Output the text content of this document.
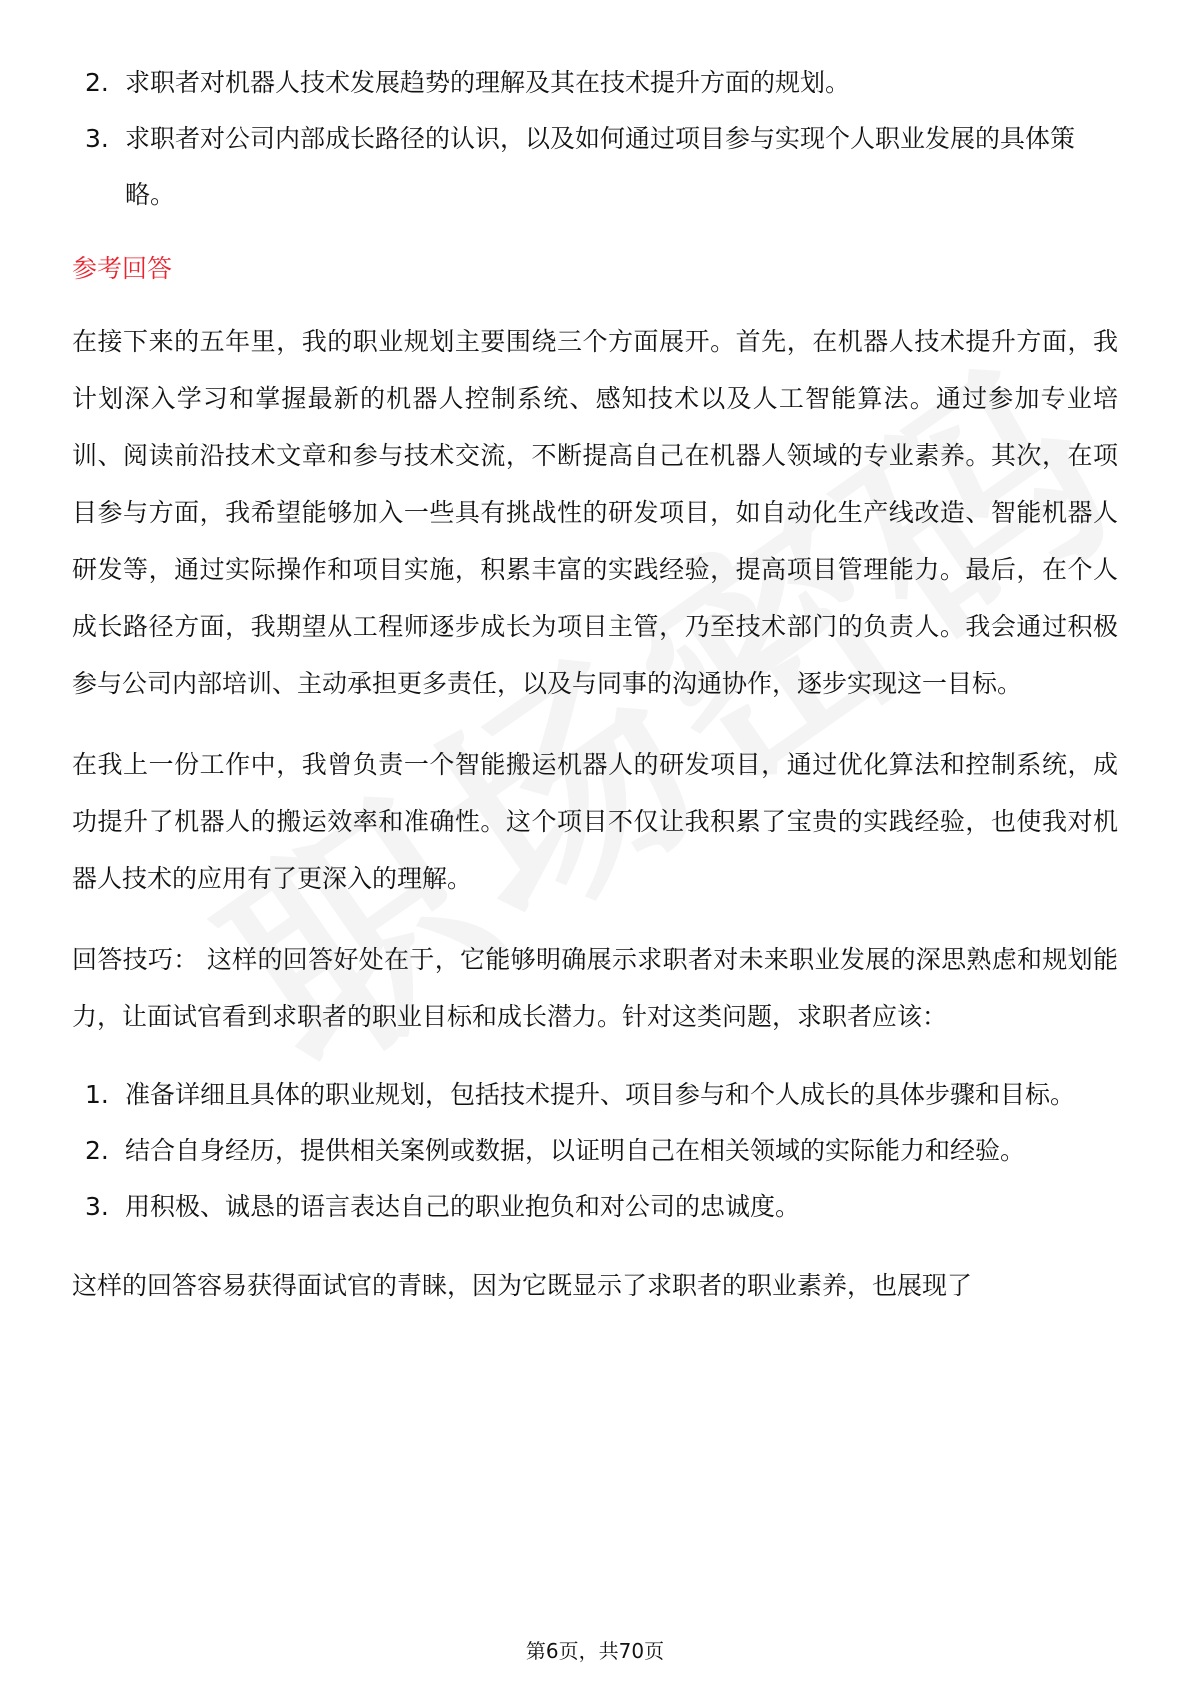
2. 求职者对机器人技术发展趋势的理解及其在技术提升方面的规划。
3. 求职者对公司内部成长路径的认识，以及如何通过项目参与实现个人职业发展的具体策略。
参考回答

在接下来的五年里，我的职业规划主要围绕三个方面展开。首先，在机器人技术提升方面，我计划深入学习和掌握最新的机器人控制系统、感知技术以及人工智能算法。通过参加专业培训、阅读前沿技术文章和参与技术交流，不断提高自己在机器人领域的专业素养。其次，在项目参与方面，我希望能够加入一些具有挑战性的研发项目，如自动化生产线改造、智能机器人研发等，通过实际操作和项目实施，积累丰富的实践经验，提高项目管理能力。最后，在个人成长路径方面，我期望从工程师逐步成长为项目主管，乃至技术部门的负责人。我会通过积极参与公司内部培训、主动承担更多责任，以及与同事的沟通协作，逐步实现这一目标。

在我上一份工作中，我曾负责一个智能搬运机器人的研发项目，通过优化算法和控制系统，成功提升了机器人的搬运效率和准确性。这个项目不仅让我积累了宝贵的实践经验，也使我对机器人技术的应用有了更深入的理解。

回答技巧： 这样的回答好处在于，它能够明确展示求职者对未来职业发展的深思熟虑和规划能力，让面试官看到求职者的职业目标和成长潜力。针对这类问题，求职者应该：

1. 准备详细且具体的职业规划，包括技术提升、项目参与和个人成长的具体步骤和目标。
2. 结合自身经历，提供相关案例或数据，以证明自己在相关领域的实际能力和经验。
3. 用积极、诚恳的语言表达自己的职业抱负和对公司的忠诚度。

这样的回答容易获得面试官的青睐，因为它既显示了求职者的职业素养，也展现了

第6页，共70页
